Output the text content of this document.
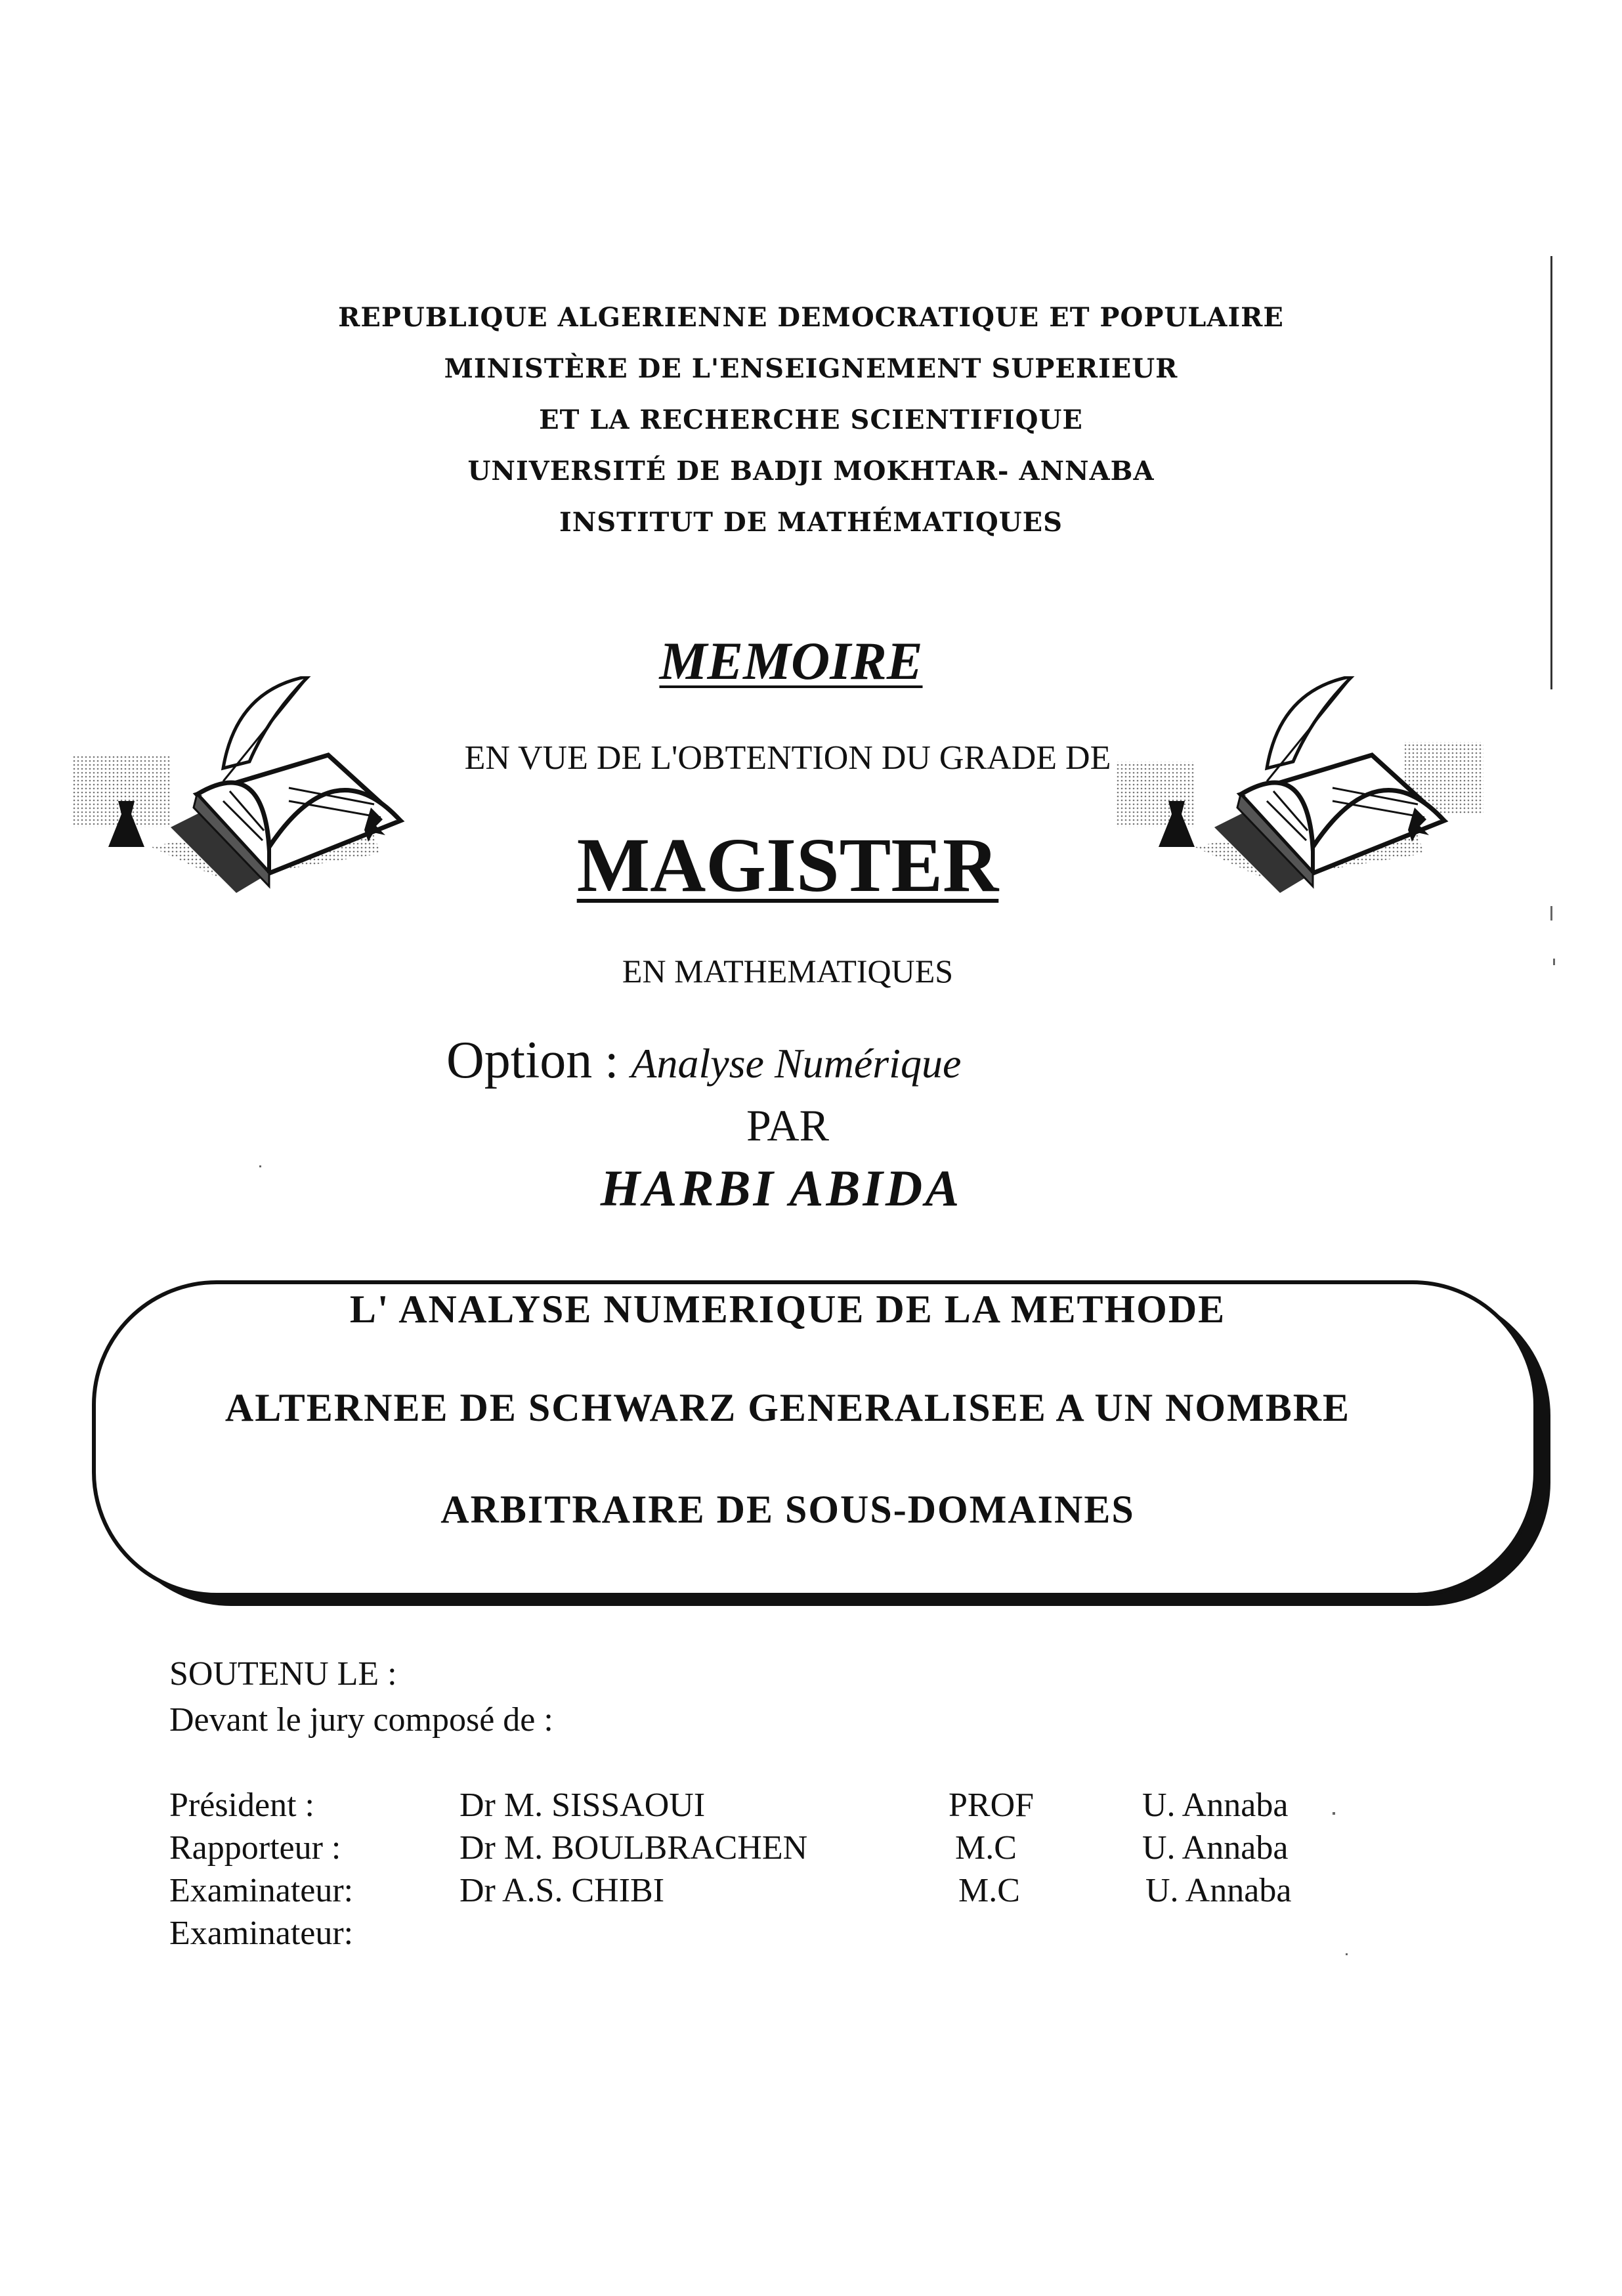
REPUBLIQUE ALGERIENNE DEMOCRATIQUE ET POPULAIRE
MINISTÈRE DE L'ENSEIGNEMENT SUPERIEUR
ET LA RECHERCHE SCIENTIFIQUE
UNIVERSITÉ DE BADJI MOKHTAR- ANNABA
INSTITUT DE MATHÉMATIQUES
MEMOIRE
EN VUE DE L'OBTENTION DU GRADE DE
MAGISTER
EN MATHEMATIQUES
Option : Analyse Numérique
PAR
HARBI ABIDA
L' ANALYSE NUMERIQUE DE LA METHODE
ALTERNEE DE SCHWARZ GENERALISEE A UN NOMBRE
ARBITRAIRE DE SOUS-DOMAINES
SOUTENU LE :
Devant le jury composé de :
Président :	Dr M. SISSAOUI	PROF	U. Annaba
Rapporteur :	Dr M. BOULBRACHEN	M.C	U. Annaba
Examinateur:	Dr A.S. CHIBI	M.C	U. Annaba
Examinateur:
